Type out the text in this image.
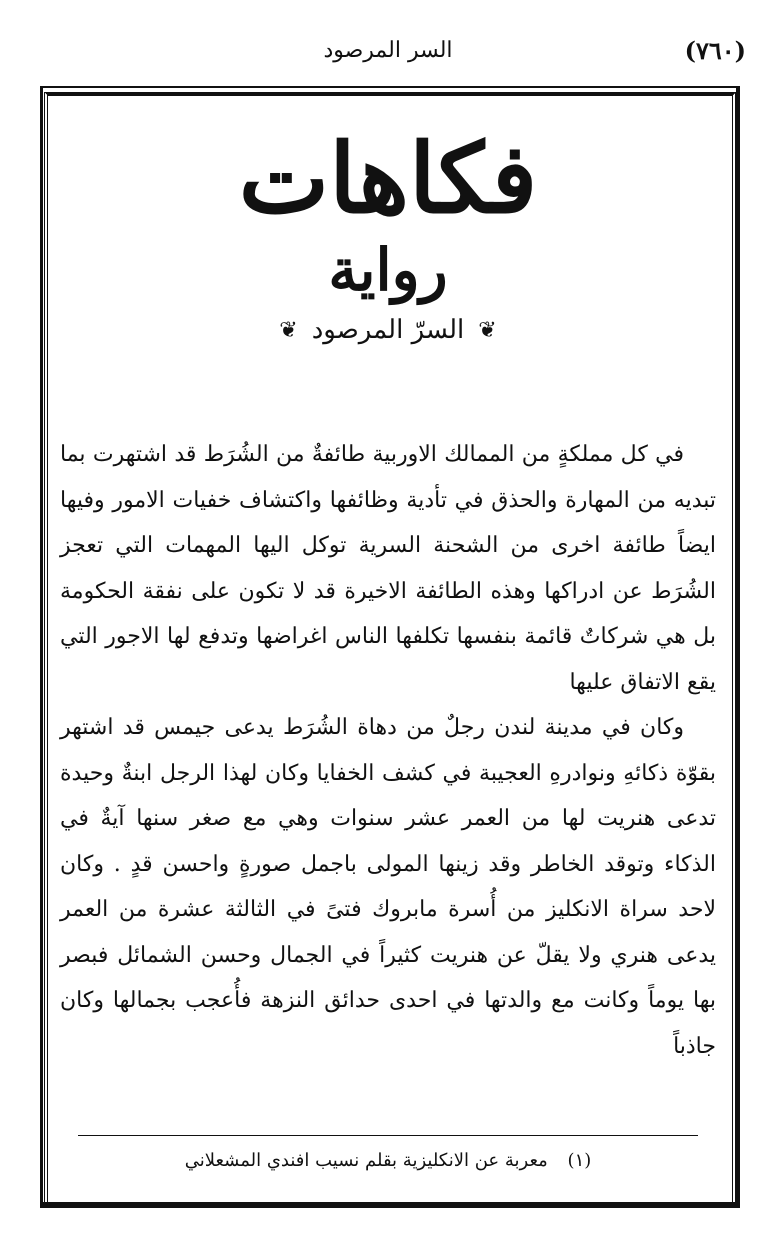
(٧٦٠)
السر المرصود
فكاهات
رواية
❦
السرّ المرصود
❦

في كل مملكةٍ من الممالك الاوربية طائفةٌ من الشُرَط قد اشتهرت بما تبديه من المهارة والحذق في تأدية وظائفها واكتشاف خفيات الامور وفيها ايضاً طائفة اخرى من الشحنة السرية توكل اليها المهمات التي تعجز الشُرَط عن ادراكها وهذه الطائفة الاخيرة قد لا تكون على نفقة الحكومة بل هي شركاتٌ قائمة بنفسها تكلفها الناس اغراضها وتدفع لها الاجور التي يقع الاتفاق عليها

وكان في مدينة لندن رجلٌ من دهاة الشُرَط يدعى جيمس قد اشتهر بقوّة ذكائهِ ونوادرهِ العجيبة في كشف الخفايا وكان لهذا الرجل ابنةٌ وحيدة تدعى هنريت لها من العمر عشر سنوات وهي مع صغر سنها آيةٌ في الذكاء وتوقد الخاطر وقد زينها المولى باجمل صورةٍ واحسن قدٍ . وكان لاحد سراة الانكليز من أُسرة مابروك فتىً في الثالثة عشرة من العمر يدعى هنري ولا يقلّ عن هنريت كثيراً في الجمال وحسن الشمائل فبصر بها يوماً وكانت مع والدتها في احدى حدائق النزهة فأُعجب بجمالها وكان جاذباً

(١) معربة عن الانكليزية بقلم نسيب افندي المشعلاني
